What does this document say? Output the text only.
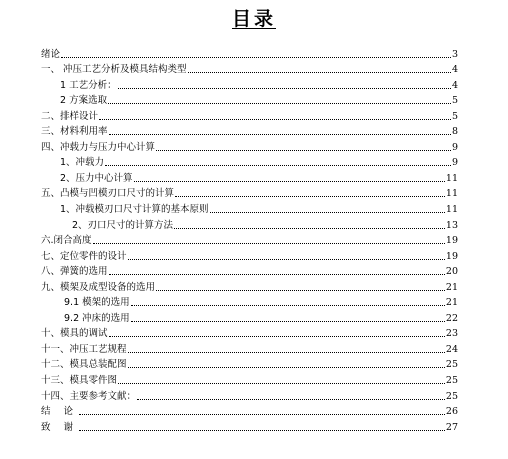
目录
绪论	3
一、 冲压工艺分析及模具结构类型	4
1 工艺分析：	4
2 方案选取	5
二、排样设计	5
三、材料利用率	8
四、冲载力与压力中心计算	9
1、冲载力	9
2、压力中心计算	11
五、凸模与凹模刃口尺寸的计算	11
1、冲载模刃口尺寸计算的基本原则	11
2、刃口尺寸的计算方法	13
六.闭合高度	19
七、定位零件的设计	19
八、弹簧的选用	20
九、模架及成型设备的选用	21
9.1 模架的选用	21
9.2 冲床的选用	22
十、模具的调试	23
十一、冲压工艺规程	24
十二、模具总装配图	25
十三、模具零件图	25
十四、主要参考文献：	25
结 论	26
致 谢	27
